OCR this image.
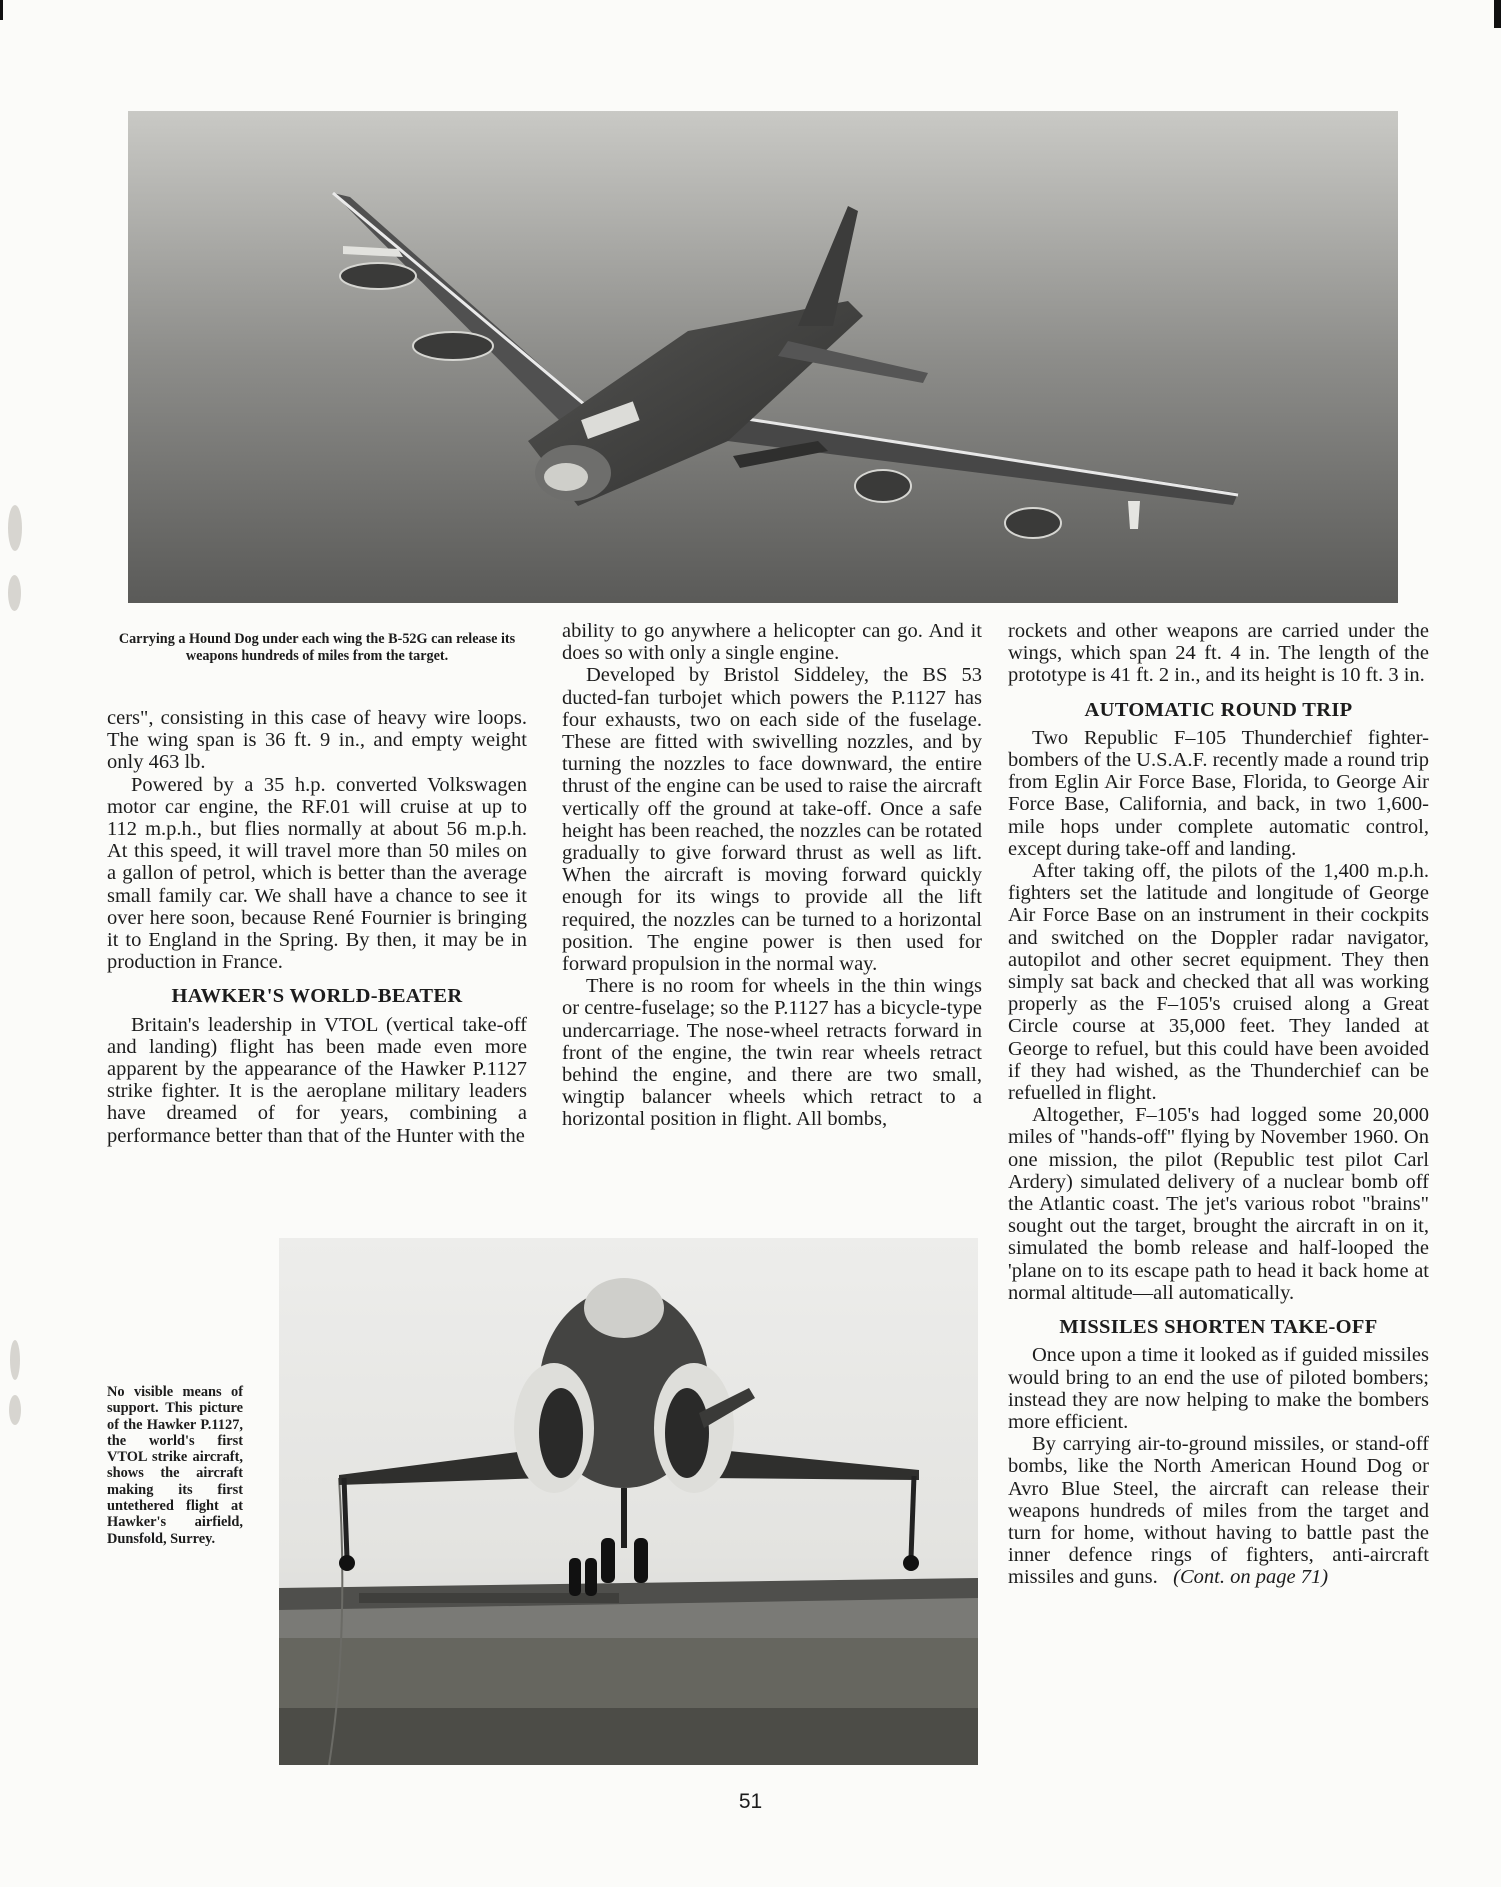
Carrying a Hound Dog under each wing the B-52G can release its weapons hundreds of miles from the target.

cers", consisting in this case of heavy wire loops. The wing span is 36 ft. 9 in., and empty weight only 463 lb.

Powered by a 35 h.p. converted Volkswagen motor car engine, the RF.01 will cruise at up to 112 m.p.h., but flies normally at about 56 m.p.h. At this speed, it will travel more than 50 miles on a gallon of petrol, which is better than the average small family car. We shall have a chance to see it over here soon, because René Fournier is bringing it to England in the Spring. By then, it may be in production in France.

HAWKER'S WORLD-BEATER

Britain's leadership in VTOL (vertical take-off and landing) flight has been made even more apparent by the appearance of the Hawker P.1127 strike fighter. It is the aeroplane military leaders have dreamed of for years, combining a performance better than that of the Hunter with the

ability to go anywhere a helicopter can go. And it does so with only a single engine.

Developed by Bristol Siddeley, the BS 53 ducted-fan turbojet which powers the P.1127 has four exhausts, two on each side of the fuselage. These are fitted with swivelling nozzles, and by turning the nozzles to face downward, the entire thrust of the engine can be used to raise the aircraft vertically off the ground at take-off. Once a safe height has been reached, the nozzles can be rotated gradually to give forward thrust as well as lift. When the aircraft is moving forward quickly enough for its wings to provide all the lift required, the nozzles can be turned to a horizontal position. The engine power is then used for forward propulsion in the normal way.

There is no room for wheels in the thin wings or centre-fuselage; so the P.1127 has a bicycle-type undercarriage. The nose-wheel retracts forward in front of the engine, the twin rear wheels retract behind the engine, and there are two small, wingtip balancer wheels which retract to a horizontal position in flight. All bombs,

rockets and other weapons are carried under the wings, which span 24 ft. 4 in. The length of the prototype is 41 ft. 2 in., and its height is 10 ft. 3 in.

AUTOMATIC ROUND TRIP

Two Republic F–105 Thunderchief fighter-bombers of the U.S.A.F. recently made a round trip from Eglin Air Force Base, Florida, to George Air Force Base, California, and back, in two 1,600-mile hops under complete automatic control, except during take-off and landing.

After taking off, the pilots of the 1,400 m.p.h. fighters set the latitude and longitude of George Air Force Base on an instrument in their cockpits and switched on the Doppler radar navigator, autopilot and other secret equipment. They then simply sat back and checked that all was working properly as the F–105's cruised along a Great Circle course at 35,000 feet. They landed at George to refuel, but this could have been avoided if they had wished, as the Thunderchief can be refuelled in flight.

Altogether, F–105's had logged some 20,000 miles of "hands-off" flying by November 1960. On one mission, the pilot (Republic test pilot Carl Ardery) simulated delivery of a nuclear bomb off the Atlantic coast. The jet's various robot "brains" sought out the target, brought the aircraft in on it, simulated the bomb release and half-looped the 'plane on to its escape path to head it back home at normal altitude—all automatically.

MISSILES SHORTEN TAKE-OFF

Once upon a time it looked as if guided missiles would bring to an end the use of piloted bombers; instead they are now helping to make the bombers more efficient.

By carrying air-to-ground missiles, or stand-off bombs, like the North American Hound Dog or Avro Blue Steel, the aircraft can release their weapons hundreds of miles from the target and turn for home, without having to battle past the inner defence rings of fighters, anti-aircraft missiles and guns. (Cont. on page 71)

No visible means of support. This picture of the Hawker P.1127, the world's first VTOL strike aircraft, shows the aircraft making its first untethered flight at Hawker's airfield, Dunsfold, Surrey.
51
